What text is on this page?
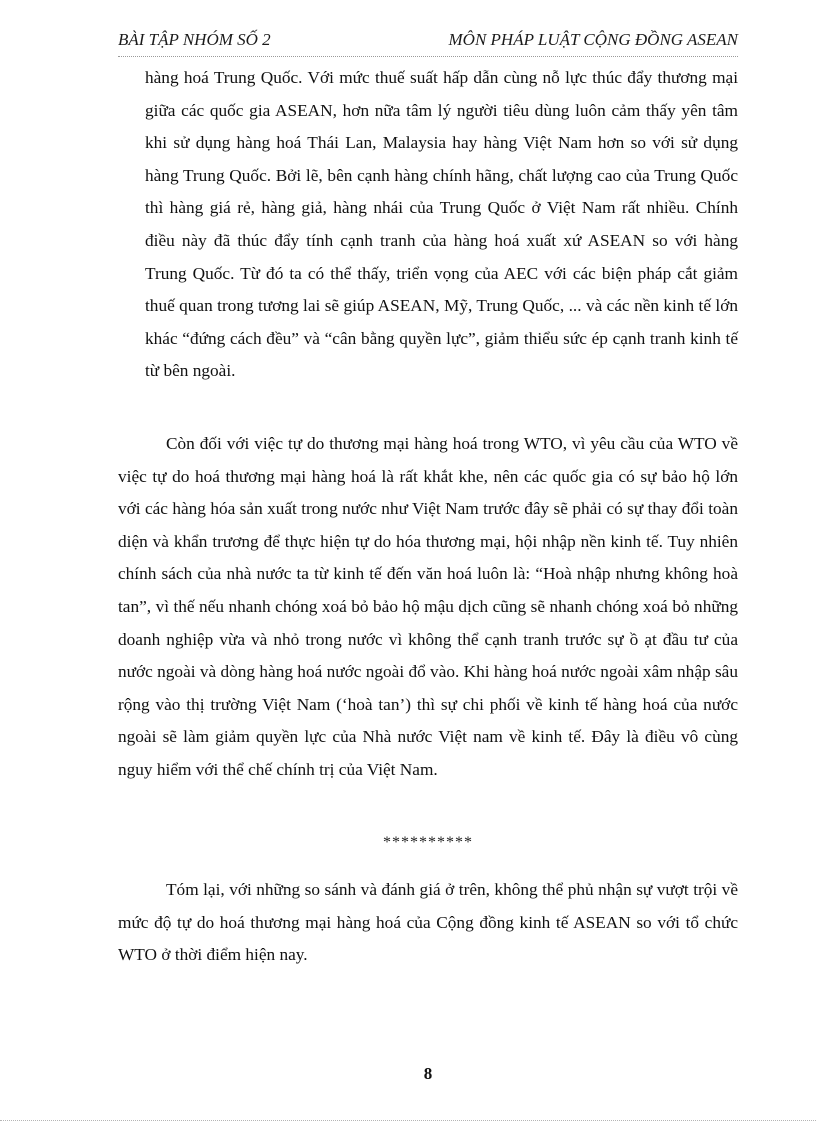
BÀI TẬP NHÓM SỐ 2	MÔN PHÁP LUẬT CỘNG ĐỒNG ASEAN

hàng hoá Trung Quốc. Với mức thuế suất hấp dẫn cùng nỗ lực thúc đẩy thương mại giữa các quốc gia ASEAN, hơn nữa tâm lý người tiêu dùng luôn cảm thấy yên tâm khi sử dụng hàng hoá Thái Lan, Malaysia hay hàng Việt Nam hơn so với sử dụng hàng Trung Quốc. Bởi lẽ, bên cạnh hàng chính hãng, chất lượng cao của Trung Quốc thì hàng giá rẻ, hàng giả, hàng nhái của Trung Quốc ở Việt Nam rất nhiều. Chính điều này đã thúc đẩy tính cạnh tranh của hàng hoá xuất xứ ASEAN so với hàng Trung Quốc. Từ đó ta có thể thấy, triển vọng của AEC với các biện pháp cắt giảm thuế quan trong tương lai sẽ giúp ASEAN, Mỹ, Trung Quốc, ... và các nền kinh tế lớn khác “đứng cách đều” và “cân bằng quyền lực”, giảm thiểu sức ép cạnh tranh kinh tế từ bên ngoài.

Còn đối với việc tự do thương mại hàng hoá trong WTO, vì yêu cầu của WTO về việc tự do hoá thương mại hàng hoá là rất khắt khe, nên các quốc gia có sự bảo hộ lớn với các hàng hóa sản xuất trong nước như Việt Nam trước đây sẽ phải có sự thay đổi toàn diện và khẩn trương để thực hiện tự do hóa thương mại, hội nhập nền kinh tế. Tuy nhiên chính sách của nhà nước ta từ kinh tế đến văn hoá luôn là: “Hoà nhập nhưng không hoà tan”, vì thế nếu nhanh chóng xoá bỏ bảo hộ mậu dịch cũng sẽ nhanh chóng xoá bỏ những doanh nghiệp vừa và nhỏ trong nước vì không thể cạnh tranh trước sự ồ ạt đầu tư của nước ngoài và dòng hàng hoá nước ngoài đổ vào. Khi hàng hoá nước ngoài xâm nhập sâu rộng vào thị trường Việt Nam (‘hoà tan’) thì sự chi phối về kinh tế hàng hoá của nước ngoài sẽ làm giảm quyền lực của Nhà nước Việt nam về kinh tế. Đây là điều vô cùng nguy hiểm với thể chế chính trị của Việt Nam.

**********

Tóm lại, với những so sánh và đánh giá ở trên, không thể phủ nhận sự vượt trội về mức độ tự do hoá thương mại hàng hoá của Cộng đồng kinh tế ASEAN so với tổ chức WTO ở thời điểm hiện nay.

8
